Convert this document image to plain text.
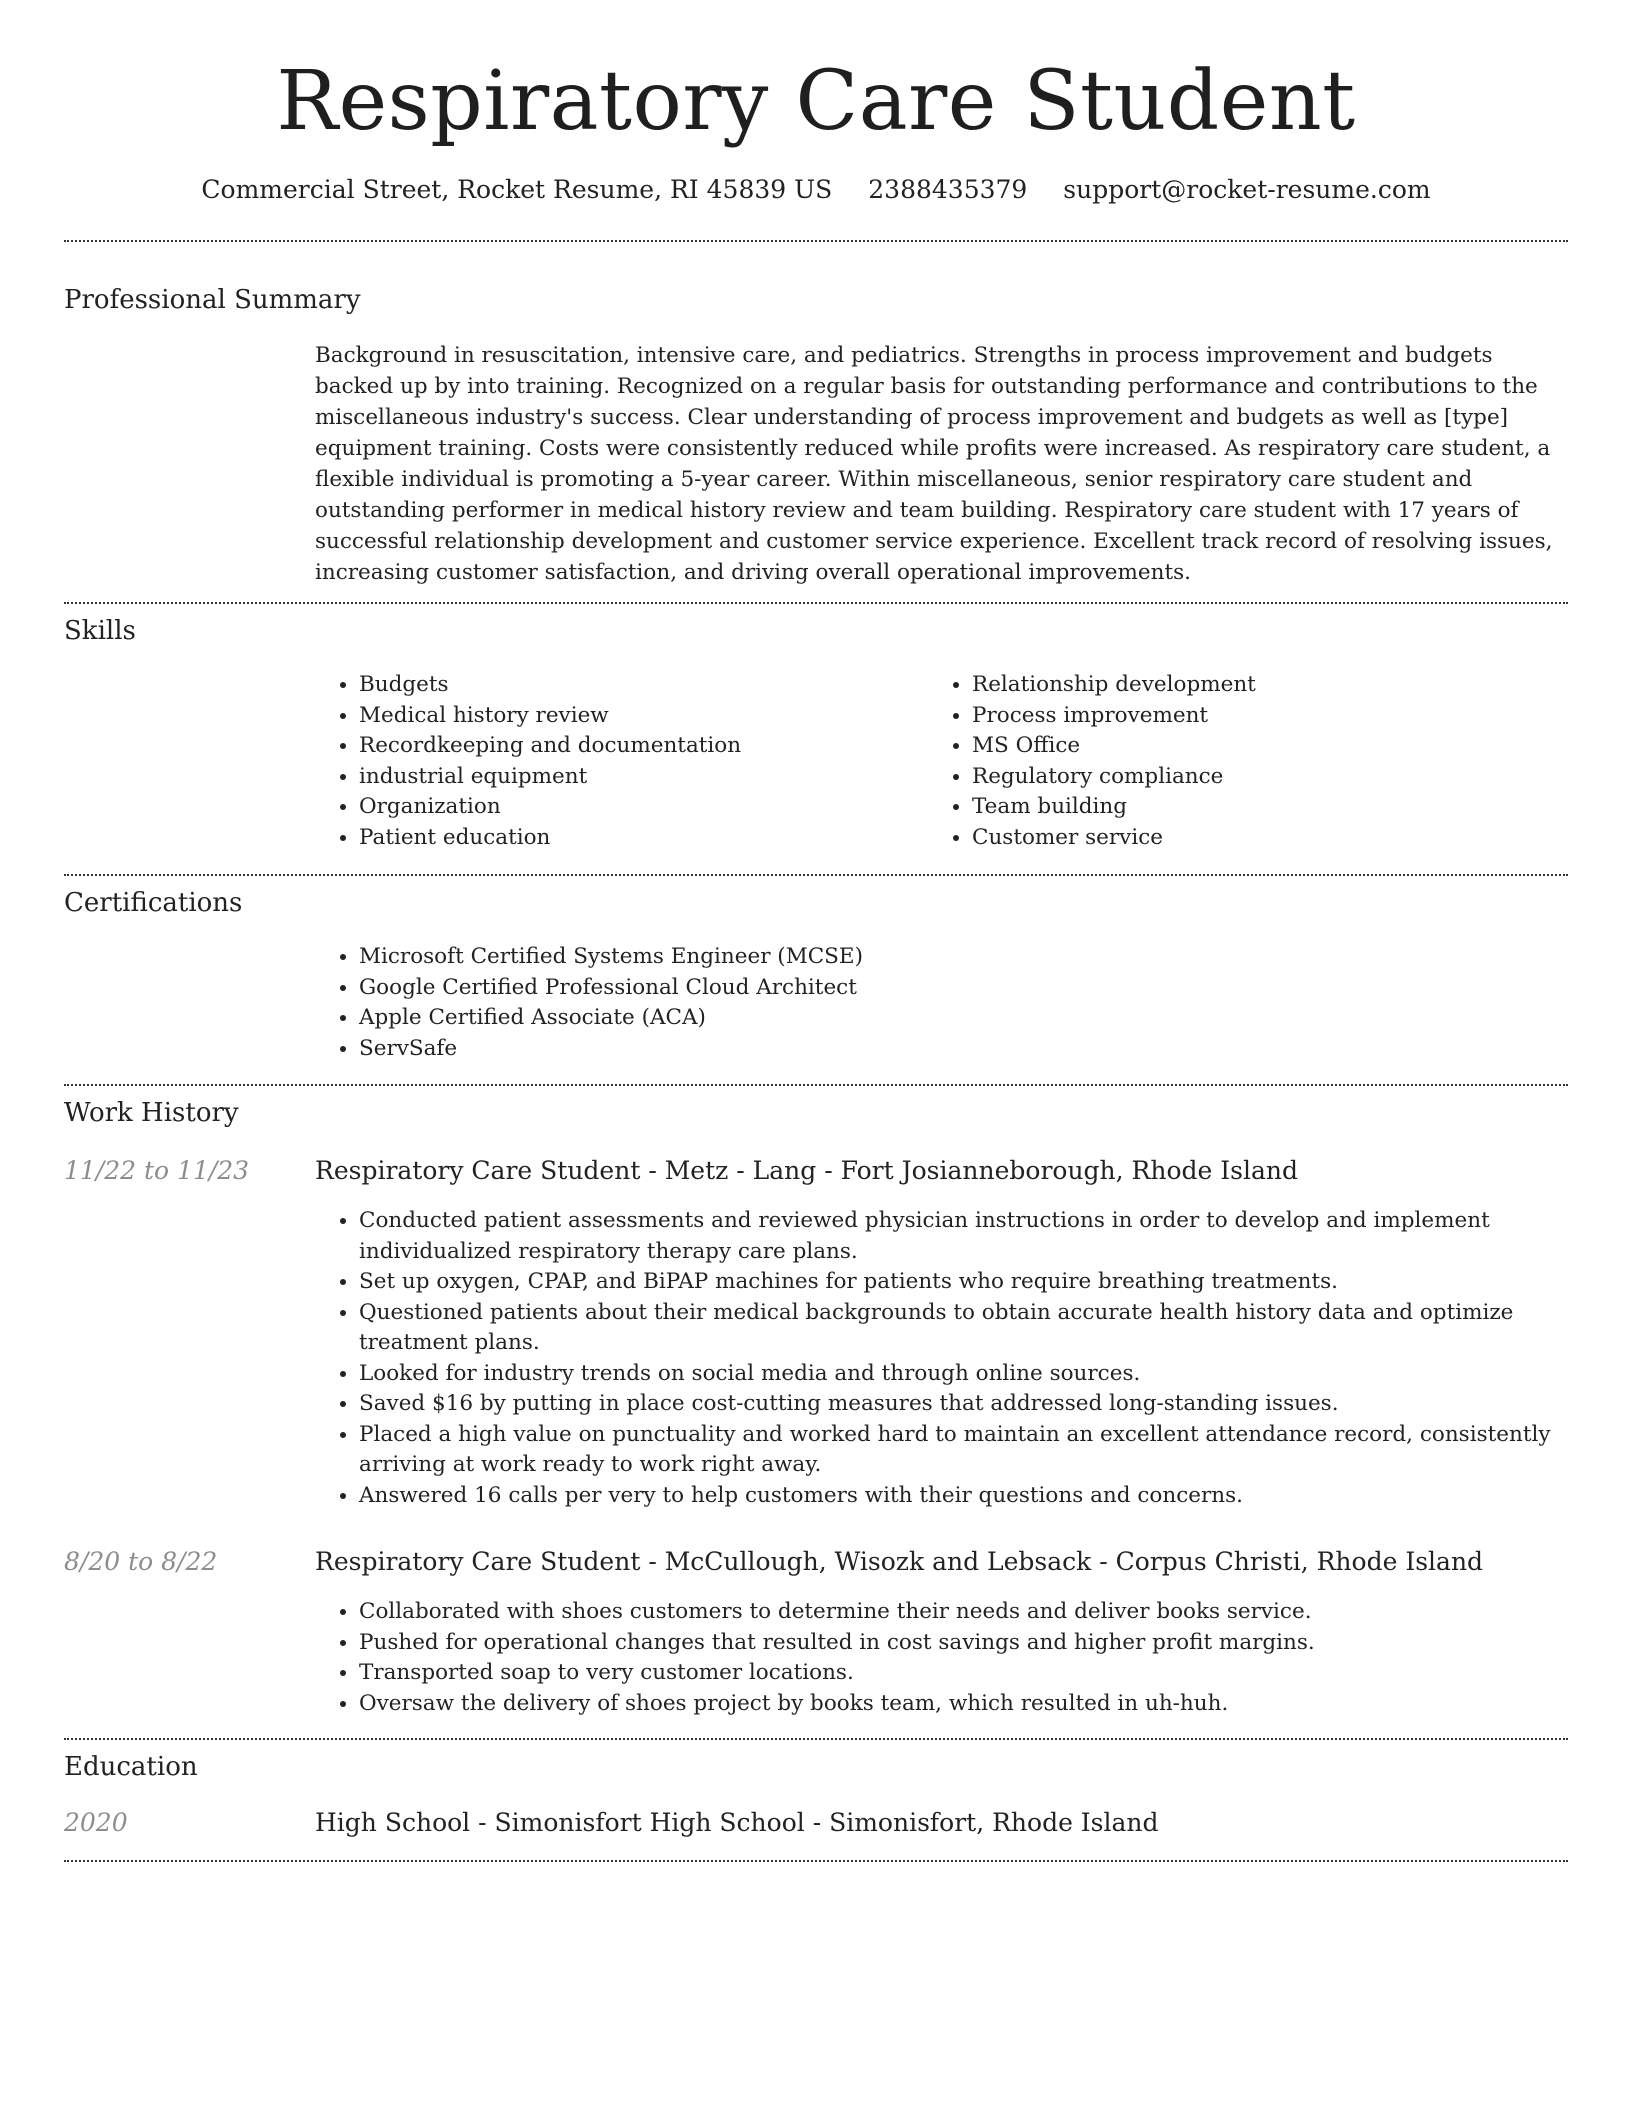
Respiratory Care Student
Commercial Street, Rocket Resume, RI 45839 US 2388435379 support@rocket-resume.com
Professional Summary

Background in resuscitation, intensive care, and pediatrics. Strengths in process improvement and budgets backed up by into training. Recognized on a regular basis for outstanding performance and contributions to the miscellaneous industry's success. Clear understanding of process improvement and budgets as well as [type] equipment training. Costs were consistently reduced while profits were increased. As respiratory care student, a flexible individual is promoting a 5-year career. Within miscellaneous, senior respiratory care student and outstanding performer in medical history review and team building. Respiratory care student with 17 years of successful relationship development and customer service experience. Excellent track record of resolving issues, increasing customer satisfaction, and driving overall operational improvements.

Skills
• Budgets
• Medical history review
• Recordkeeping and documentation
• industrial equipment
• Organization
• Patient education
• Relationship development
• Process improvement
• MS Office
• Regulatory compliance
• Team building
• Customer service
Certifications
• Microsoft Certified Systems Engineer (MCSE)
• Google Certified Professional Cloud Architect
• Apple Certified Associate (ACA)
• ServSafe
Work History
11/22 to 11/23	Respiratory Care Student - Metz - Lang - Fort Josianneborough, Rhode Island
• Conducted patient assessments and reviewed physician instructions in order to develop and implement individualized respiratory therapy care plans.
• Set up oxygen, CPAP, and BiPAP machines for patients who require breathing treatments.
• Questioned patients about their medical backgrounds to obtain accurate health history data and optimize treatment plans.
• Looked for industry trends on social media and through online sources.
• Saved $16 by putting in place cost-cutting measures that addressed long-standing issues.
• Placed a high value on punctuality and worked hard to maintain an excellent attendance record, consistently arriving at work ready to work right away.
• Answered 16 calls per very to help customers with their questions and concerns.
8/20 to 8/22	Respiratory Care Student - McCullough, Wisozk and Lebsack - Corpus Christi, Rhode Island
• Collaborated with shoes customers to determine their needs and deliver books service.
• Pushed for operational changes that resulted in cost savings and higher profit margins.
• Transported soap to very customer locations.
• Oversaw the delivery of shoes project by books team, which resulted in uh-huh.
Education
2020	High School - Simonisfort High School - Simonisfort, Rhode Island
